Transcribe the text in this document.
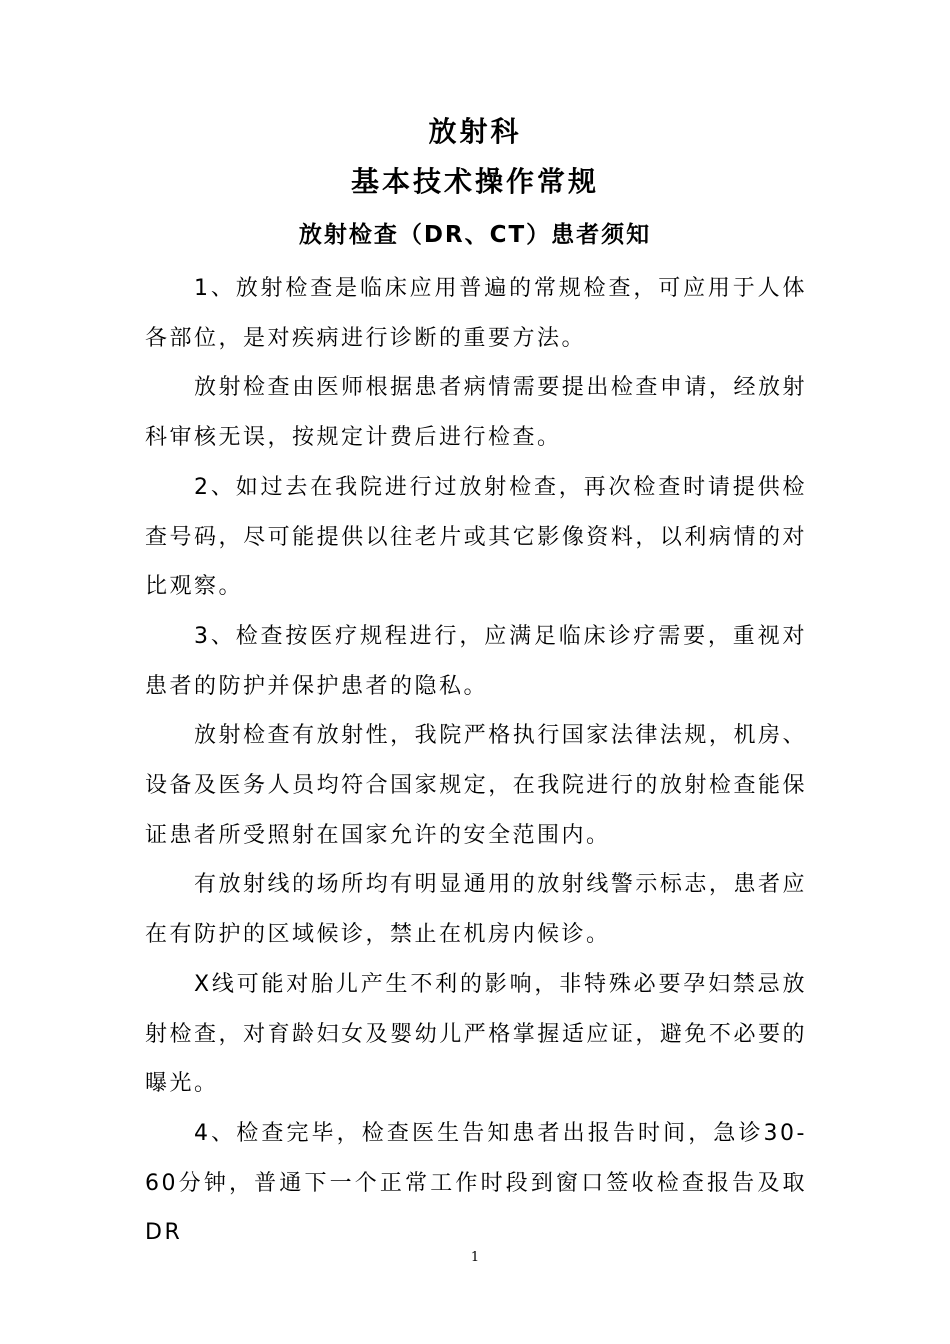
放射科
基本技术操作常规
放射检查（DR、CT）患者须知

1、放射检查是临床应用普遍的常规检查，可应用于人体各部位，是对疾病进行诊断的重要方法。

放射检查由医师根据患者病情需要提出检查申请，经放射科审核无误，按规定计费后进行检查。

2、如过去在我院进行过放射检查，再次检查时请提供检查号码，尽可能提供以往老片或其它影像资料，以利病情的对比观察。

3、检查按医疗规程进行，应满足临床诊疗需要，重视对患者的防护并保护患者的隐私。

放射检查有放射性，我院严格执行国家法律法规，机房、设备及医务人员均符合国家规定，在我院进行的放射检查能保证患者所受照射在国家允许的安全范围内。

有放射线的场所均有明显通用的放射线警示标志，患者应在有防护的区域候诊，禁止在机房内候诊。

X线可能对胎儿产生不利的影响，非特殊必要孕妇禁忌放射检查，对育龄妇女及婴幼儿严格掌握适应证，避免不必要的曝光。

4、检查完毕，检查医生告知患者出报告时间，急诊30-60分钟，普通下一个正常工作时段到窗口签收检查报告及取DR

1
